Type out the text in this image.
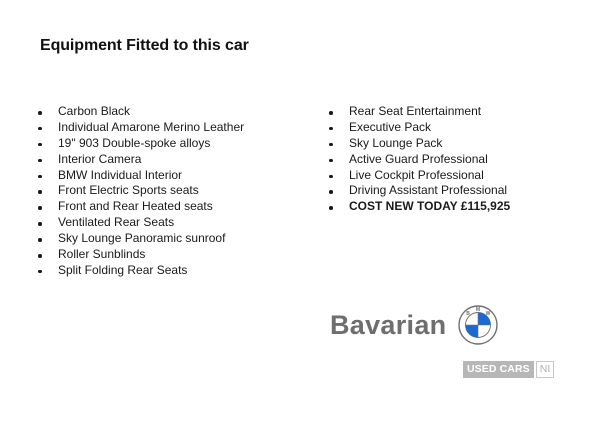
Equipment Fitted to this car
Carbon Black
Individual Amarone Merino Leather
19" 903 Double-spoke alloys
Interior Camera
BMW Individual Interior
Front Electric Sports seats
Front and Rear Heated seats
Ventilated Rear Seats
Sky Lounge Panoramic sunroof
Roller Sunblinds
Split Folding Rear Seats
Rear Seat Entertainment
Executive Pack
Sky Lounge Pack
Active Guard Professional
Live Cockpit Professional
Driving Assistant Professional
COST NEW TODAY £115,925
Bavarian	B
M
W
USED CARS NI
